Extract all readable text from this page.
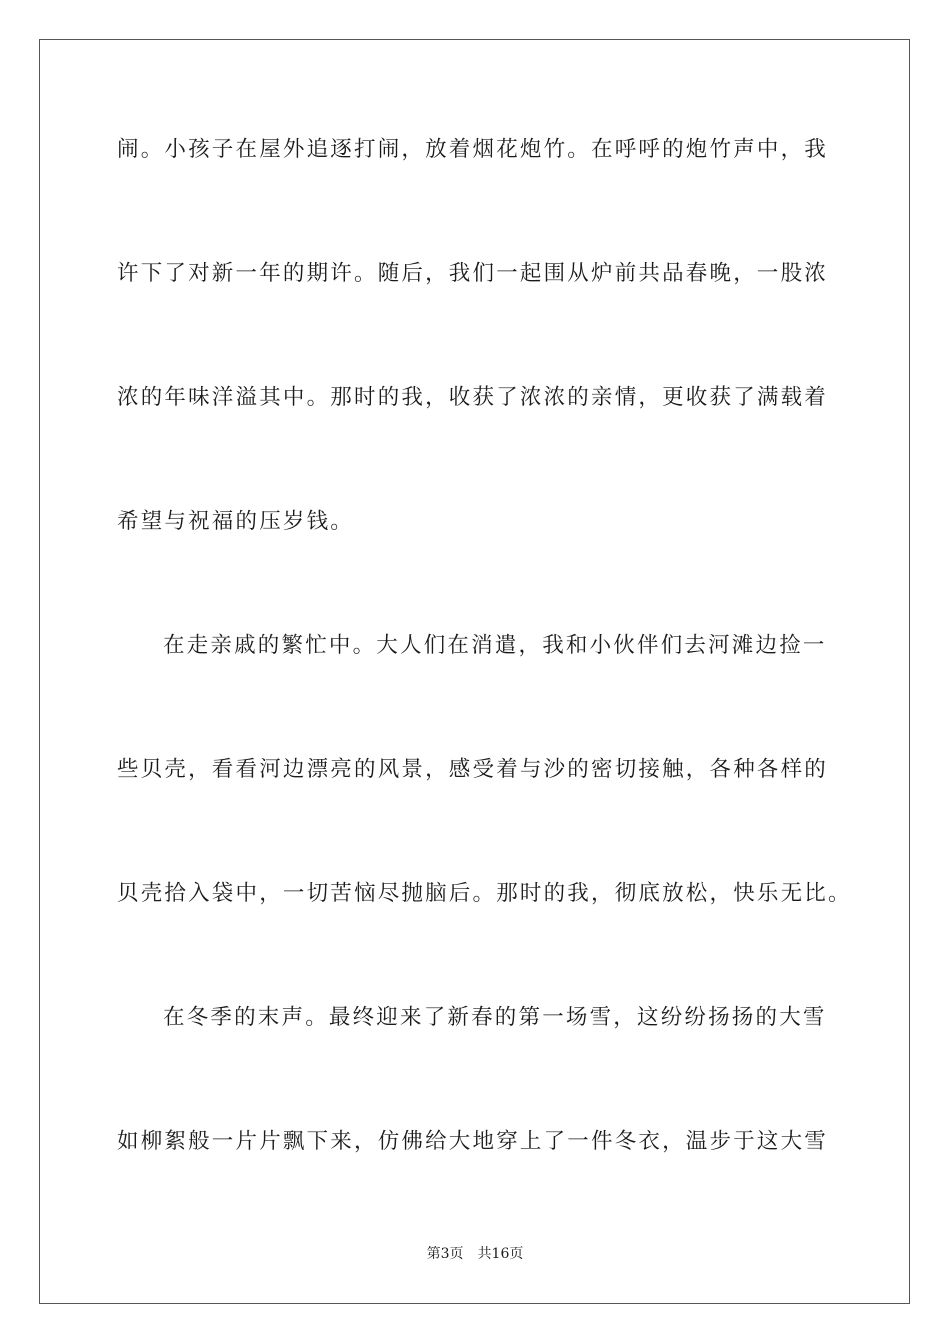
闹。小孩子在屋外追逐打闹，放着烟花炮竹。在呼呼的炮竹声中，我
许下了对新一年的期许。随后，我们一起围从炉前共品春晚，一股浓
浓的年味洋溢其中。那时的我，收获了浓浓的亲情，更收获了满载着
希望与祝福的压岁钱。
在走亲戚的繁忙中。大人们在消遣，我和小伙伴们去河滩边捡一
些贝壳，看看河边漂亮的风景，感受着与沙的密切接触，各种各样的
贝壳拾入袋中，一切苦恼尽抛脑后。那时的我，彻底放松，快乐无比。
在冬季的末声。最终迎来了新春的第一场雪，这纷纷扬扬的大雪
如柳絮般一片片飘下来，仿佛给大地穿上了一件冬衣，温步于这大雪
第3页 共16页
